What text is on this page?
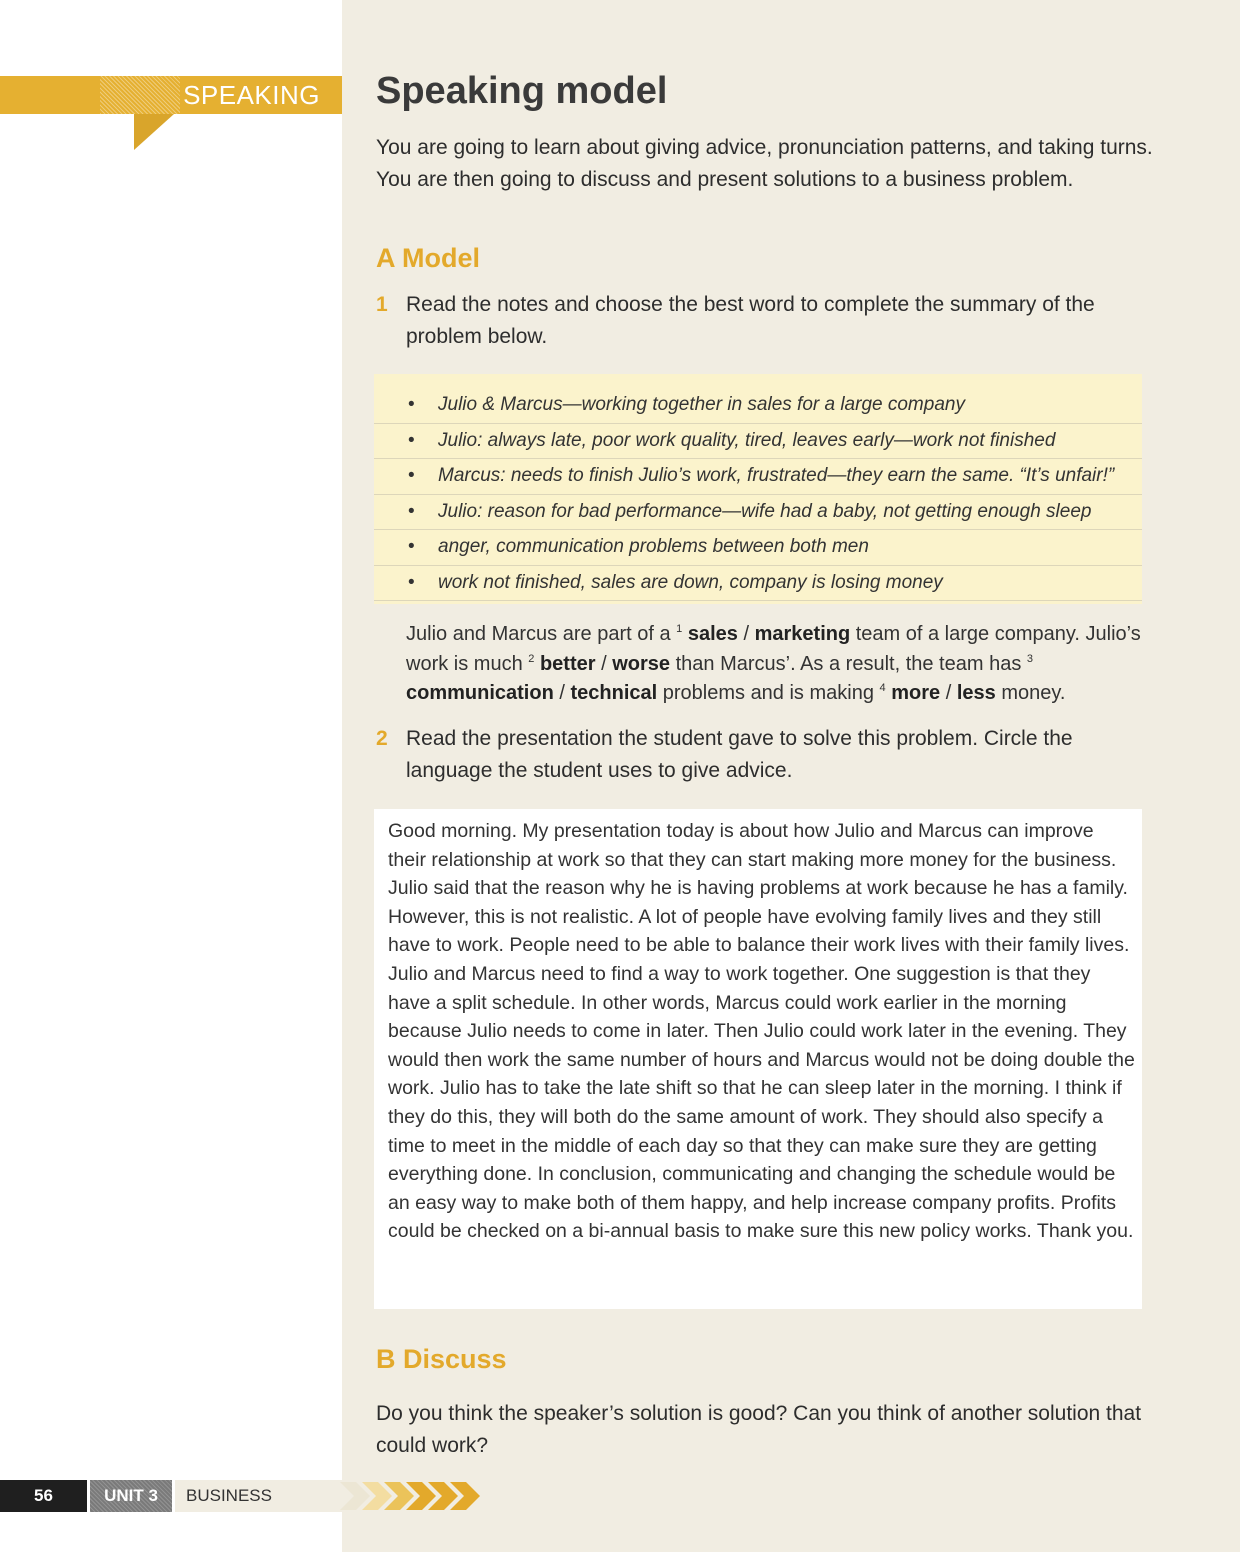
SPEAKING Speaking model

You are going to learn about giving advice, pronunciation patterns, and taking turns. You are then going to discuss and present solutions to a business problem.

A Model
1 Read the notes and choose the best word to complete the summary of the problem below.
• Julio & Marcus—working together in sales for a large company
• Julio: always late, poor work quality, tired, leaves early—work not finished
• Marcus: needs to finish Julio’s work, frustrated—they earn the same. “It’s unfair!”
• Julio: reason for bad performance—wife had a baby, not getting enough sleep
• anger, communication problems between both men
• work not finished, sales are down, company is losing money

Julio and Marcus are part of a $^1$ sales / marketing team of a large company. Julio’s work is much $^2$ better / worse than Marcus’. As a result, the team has $^3$ communication / technical problems and is making $^4$ more / less money.

2 Read the presentation the student gave to solve this problem. Circle the language the student uses to give advice.

Good morning. My presentation today is about how Julio and Marcus can improve their relationship at work so that they can start making more money for the business. Julio said that the reason why he is having problems at work because he has a family. However, this is not realistic. A lot of people have evolving family lives and they still have to work. People need to be able to balance their work lives with their family lives. Julio and Marcus need to find a way to work together. One suggestion is that they have a split schedule. In other words, Marcus could work earlier in the morning because Julio needs to come in later. Then Julio could work later in the evening. They would then work the same number of hours and Marcus would not be doing double the work. Julio has to take the late shift so that he can sleep later in the morning. I think if they do this, they will both do the same amount of work. They should also specify a time to meet in the middle of each day so that they can make sure they are getting everything done. In conclusion, communicating and changing the schedule would be an easy way to make both of them happy, and help increase company profits. Profits could be checked on a bi-annual basis to make sure this new policy works. Thank you.

B Discuss

Do you think the speaker’s solution is good? Can you think of another solution that could work?

56	UNIT 3	BUSINESS
